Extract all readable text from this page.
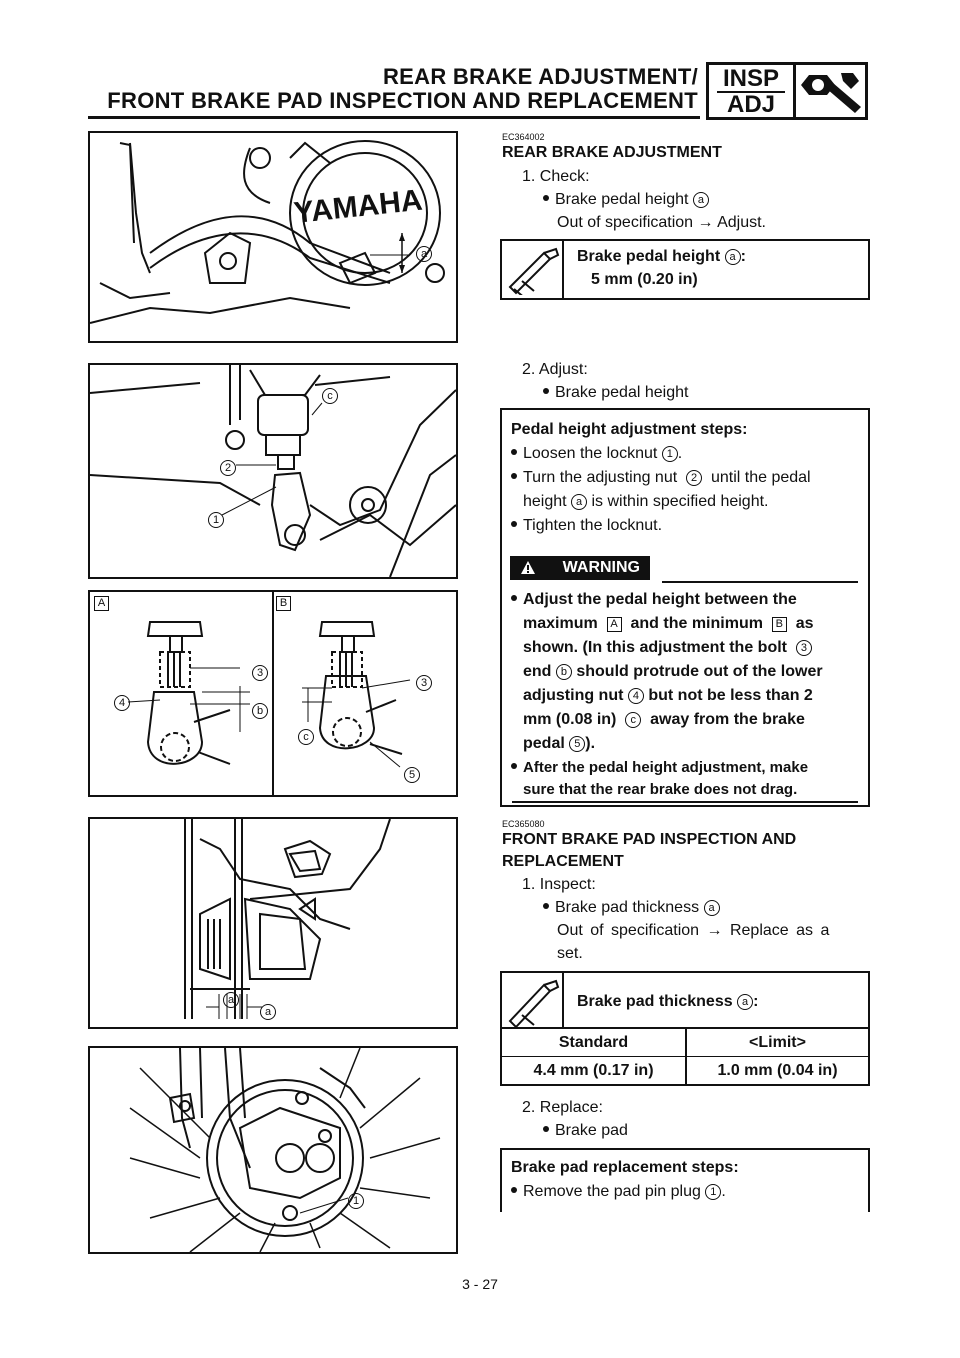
REAR BRAKE ADJUSTMENT/
FRONT BRAKE PAD INSPECTION AND REPLACEMENT
INSP
ADJ
YAMAHA
a
EC364002
REAR BRAKE ADJUSTMENT
1. Check:
Brake pedal height a
Out of specification → Adjust.
Brake pedal height a :
5 mm (0.20 in)
2. Adjust:
Brake pedal height
c
2
1
A	B
3
4
b
3
c
5
Pedal height adjustment steps:
Loosen the locknut 1 .
Turn the adjusting nut 2 until the pedal
height a is within specified height.
Tighten the locknut.
Adjust the pedal height between the
maximum A and the minimum B as
shown. (In this adjustment the bolt 3
end b should protrude out of the lower
adjusting nut 4 but not be less than 2
mm (0.08 in) c away from the brake
pedal 5 ).
After the pedal height adjustment, make
sure that the rear brake does not drag.
WARNING
a
a
EC365080
FRONT BRAKE PAD INSPECTION AND
REPLACEMENT
1. Inspect:
Brake pad thickness a
Out of specification → Replace as a
set.
Brake pad thickness a :
Standard	<Limit>
4.4 mm (0.17 in)	1.0 mm (0.04 in)
2. Replace:
Brake pad
Brake pad replacement steps:
Remove the pad pin plug 1 .
1
3 - 27
